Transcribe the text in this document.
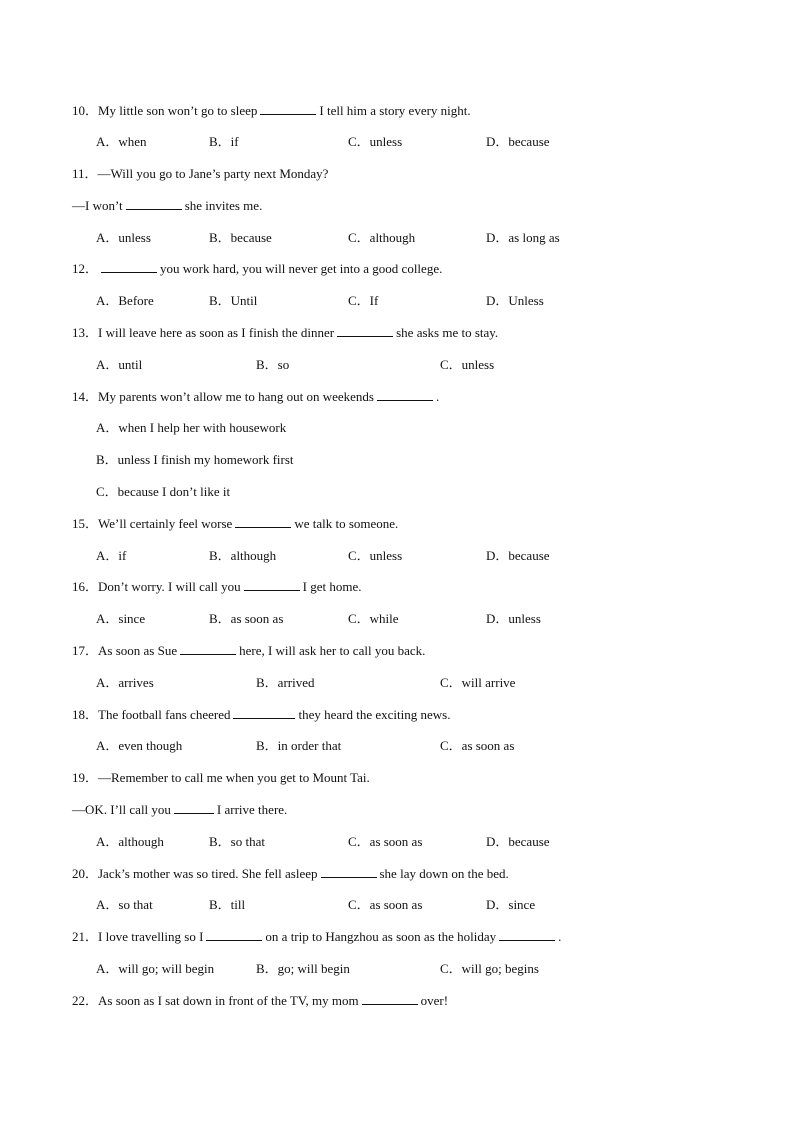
10．My little son won’t go to sleep	I tell him a story every night.
A．when	B．if	C．unless	D．because
11．—Will you go to Jane’s party next Monday?
—I won’t	she invites me.
A．unless	B．because	C．although	D．as long as
12．	you work hard, you will never get into a good college.
A．Before	B．Until	C．If	D．Unless
13．I will leave here as soon as I finish the dinner	she asks me to stay.
A．until	B．so	C．unless
14．My parents won’t allow me to hang out on weekends	.
A．when I help her with housework
B．unless I finish my homework first
C．because I don’t like it
15．We’ll certainly feel worse	we talk to someone.
A．if	B．although	C．unless	D．because
16．Don’t worry. I will call you	I get home.
A．since	B．as soon as	C．while	D．unless
17．As soon as Sue	here, I will ask her to call you back.
A．arrives	B．arrived	C．will arrive
18．The football fans cheered	they heard the exciting news.
A．even though	B．in order that	C．as soon as
19．—Remember to call me when you get to Mount Tai.
—OK. I’ll call you	I arrive there.
A．although	B．so that	C．as soon as	D．because
20．Jack’s mother was so tired. She fell asleep	she lay down on the bed.
A．so that	B．till	C．as soon as	D．since
21．I love travelling so I	on a trip to Hangzhou as soon as the holiday	.
A．will go; will begin	B．go; will begin	C．will go; begins
22．As soon as I sat down in front of the TV, my mom	over!
